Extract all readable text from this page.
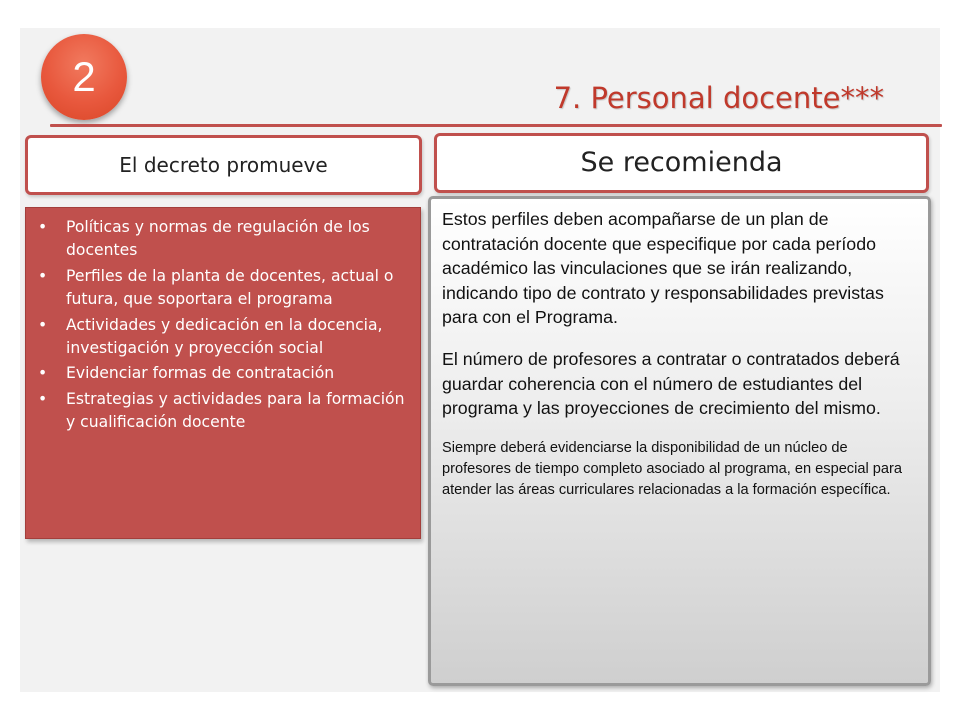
2	7. Personal docente***
El decreto promueve	Se recomienda
• Políticas y normas de regulación de los docentes
• Perfiles de la planta de docentes, actual o futura, que soportara el programa
• Actividades y dedicación en la docencia, investigación y proyección social
• Evidenciar formas de contratación
• Estrategias y actividades para la formación y cualificación docente

Estos perfiles deben acompañarse de un plan de contratación docente que especifique por cada período académico las vinculaciones que se irán realizando, indicando tipo de contrato y responsabilidades previstas para con el Programa.

El número de profesores a contratar o contratados deberá guardar coherencia con el número de estudiantes del programa y las proyecciones de crecimiento del mismo.

Siempre deberá evidenciarse la disponibilidad de un núcleo de profesores de tiempo completo asociado al programa, en especial para atender las áreas curriculares relacionadas a la formación específica.
